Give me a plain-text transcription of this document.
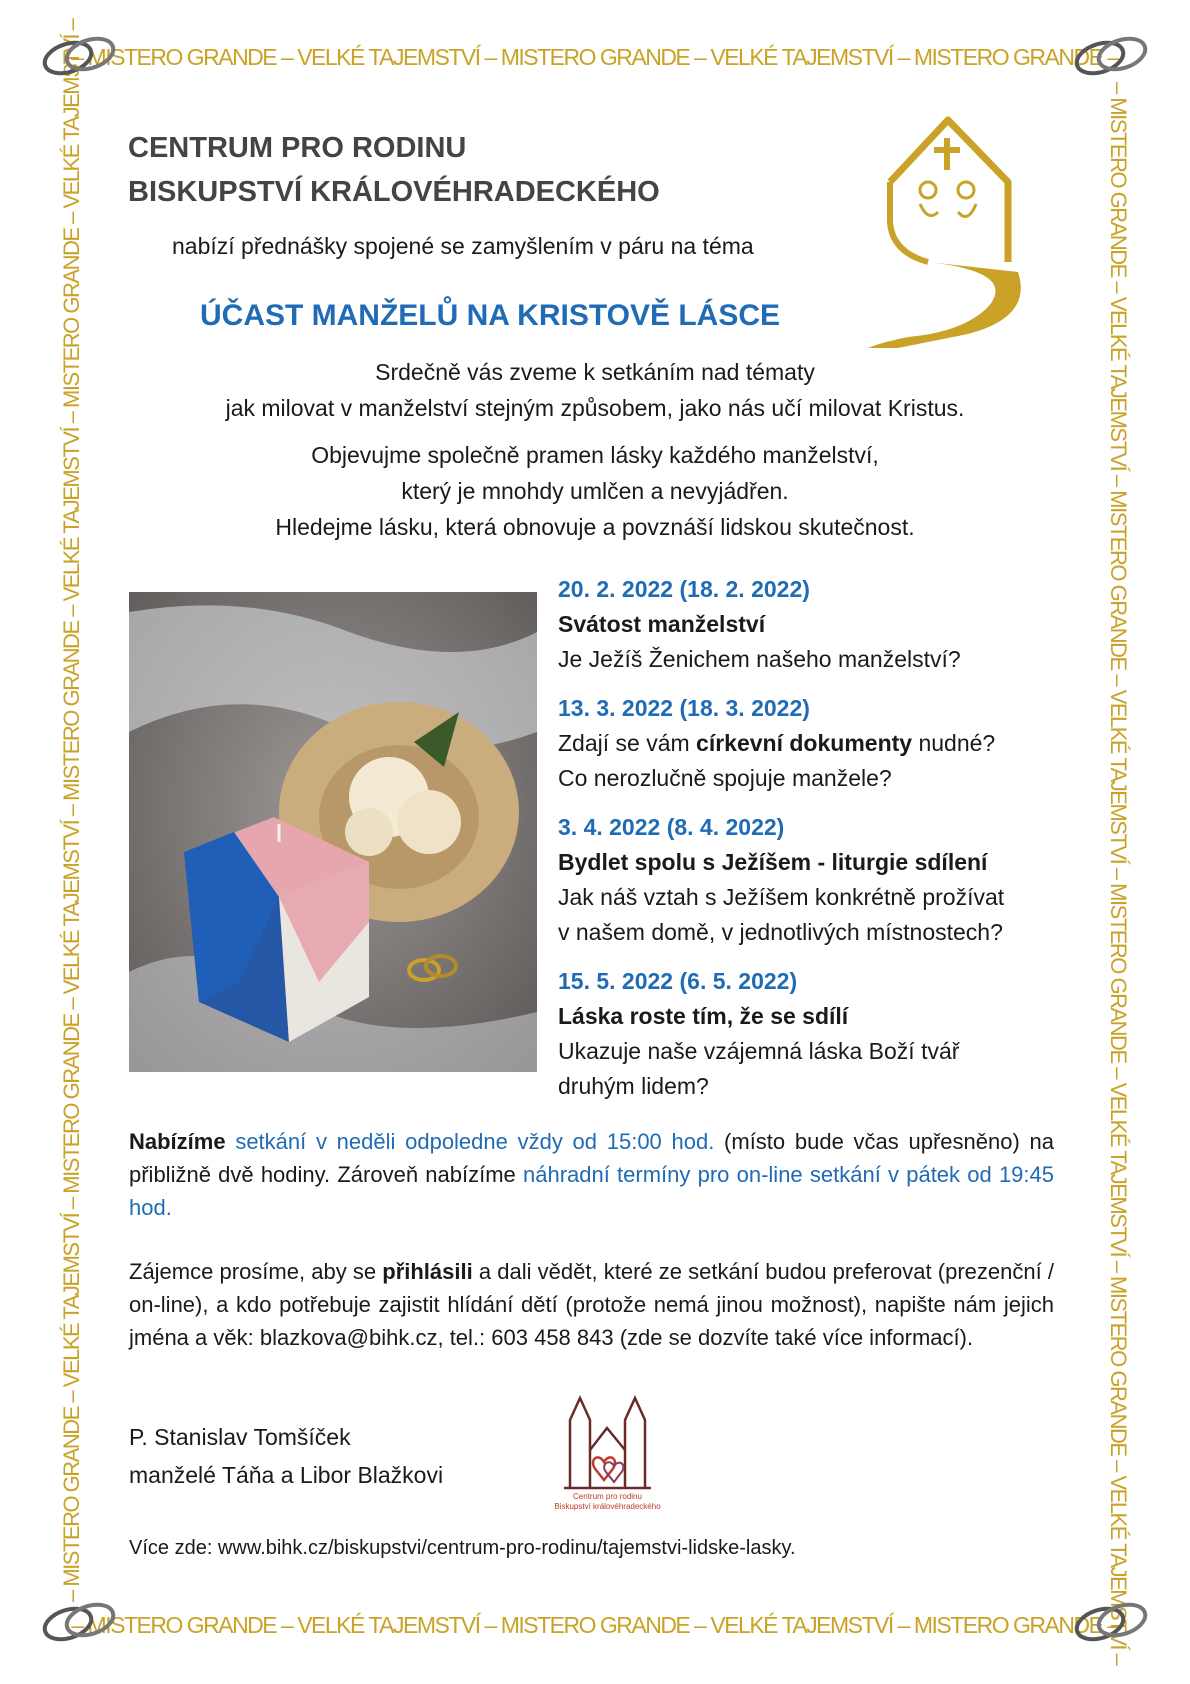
– MISTERO GRANDE – VELKÉ TAJEMSTVÍ – MISTERO GRANDE – VELKÉ TAJEMSTVÍ – MISTERO GRANDE –
– MISTERO GRANDE – VELKÉ TAJEMSTVÍ – MISTERO GRANDE – VELKÉ TAJEMSTVÍ – MISTERO GRANDE –
– MISTERO GRANDE – VELKÉ TAJEMSTVÍ – MISTERO GRANDE – VELKÉ TAJEMSTVÍ – MISTERO GRANDE – VELKÉ TAJEMSTVÍ – MISTERO GRANDE – VELKÉ TAJEMSTVÍ –	– MISTERO GRANDE – VELKÉ TAJEMSTVÍ – MISTERO GRANDE – VELKÉ TAJEMSTVÍ – MISTERO GRANDE – VELKÉ TAJEMSTVÍ – MISTERO GRANDE – VELKÉ TAJEMSTVÍ –
CENTRUM PRO RODINU
BISKUPSTVÍ KRÁLOVÉHRADECKÉHO
nabízí přednášky spojené se zamyšlením v páru na téma
ÚČAST MANŽELŮ NA KRISTOVĚ LÁSCE
Srdečně vás zveme k setkáním nad tématy
jak milovat v manželství stejným způsobem, jako nás učí milovat Kristus.
Objevujme společně pramen lásky každého manželství,
který je mnohdy umlčen a nevyjádřen.
Hledejme lásku, která obnovuje a povznáší lidskou skutečnost.
20. 2. 2022 (18. 2. 2022)
Svátost manželství
Je Ježíš Ženichem našeho manželství?
13. 3. 2022 (18. 3. 2022)
Zdají se vám církevní dokumenty nudné?
Co nerozlučně spojuje manžele?
3. 4. 2022 (8. 4. 2022)
Bydlet spolu s Ježíšem - liturgie sdílení
Jak náš vztah s Ježíšem konkrétně prožívat
v našem domě, v jednotlivých místnostech?
15. 5. 2022 (6. 5. 2022)
Láska roste tím, že se sdílí
Ukazuje naše vzájemná láska Boží tvář
druhým lidem?
Nabízíme setkání v neděli odpoledne vždy od 15:00 hod. (místo bude včas upřesněno) na přibližně dvě hodiny. Zároveň nabízíme náhradní termíny pro on-line setkání v pátek od 19:45 hod.
Zájemce prosíme, aby se přihlásili a dali vědět, které ze setkání budou preferovat (prezenční / on-line), a kdo potřebuje zajistit hlídání dětí (protože nemá jinou možnost), napište nám jejich jména a věk: blazkova@bihk.cz, tel.: 603 458 843 (zde se dozvíte také více informací).
P. Stanislav Tomšíček
manželé Táňa a Libor Blažkovi
Centrum pro rodinu
Biskupství královéhradeckého
Více zde: www.bihk.cz/biskupstvi/centrum-pro-rodinu/tajemstvi-lidske-lasky.
